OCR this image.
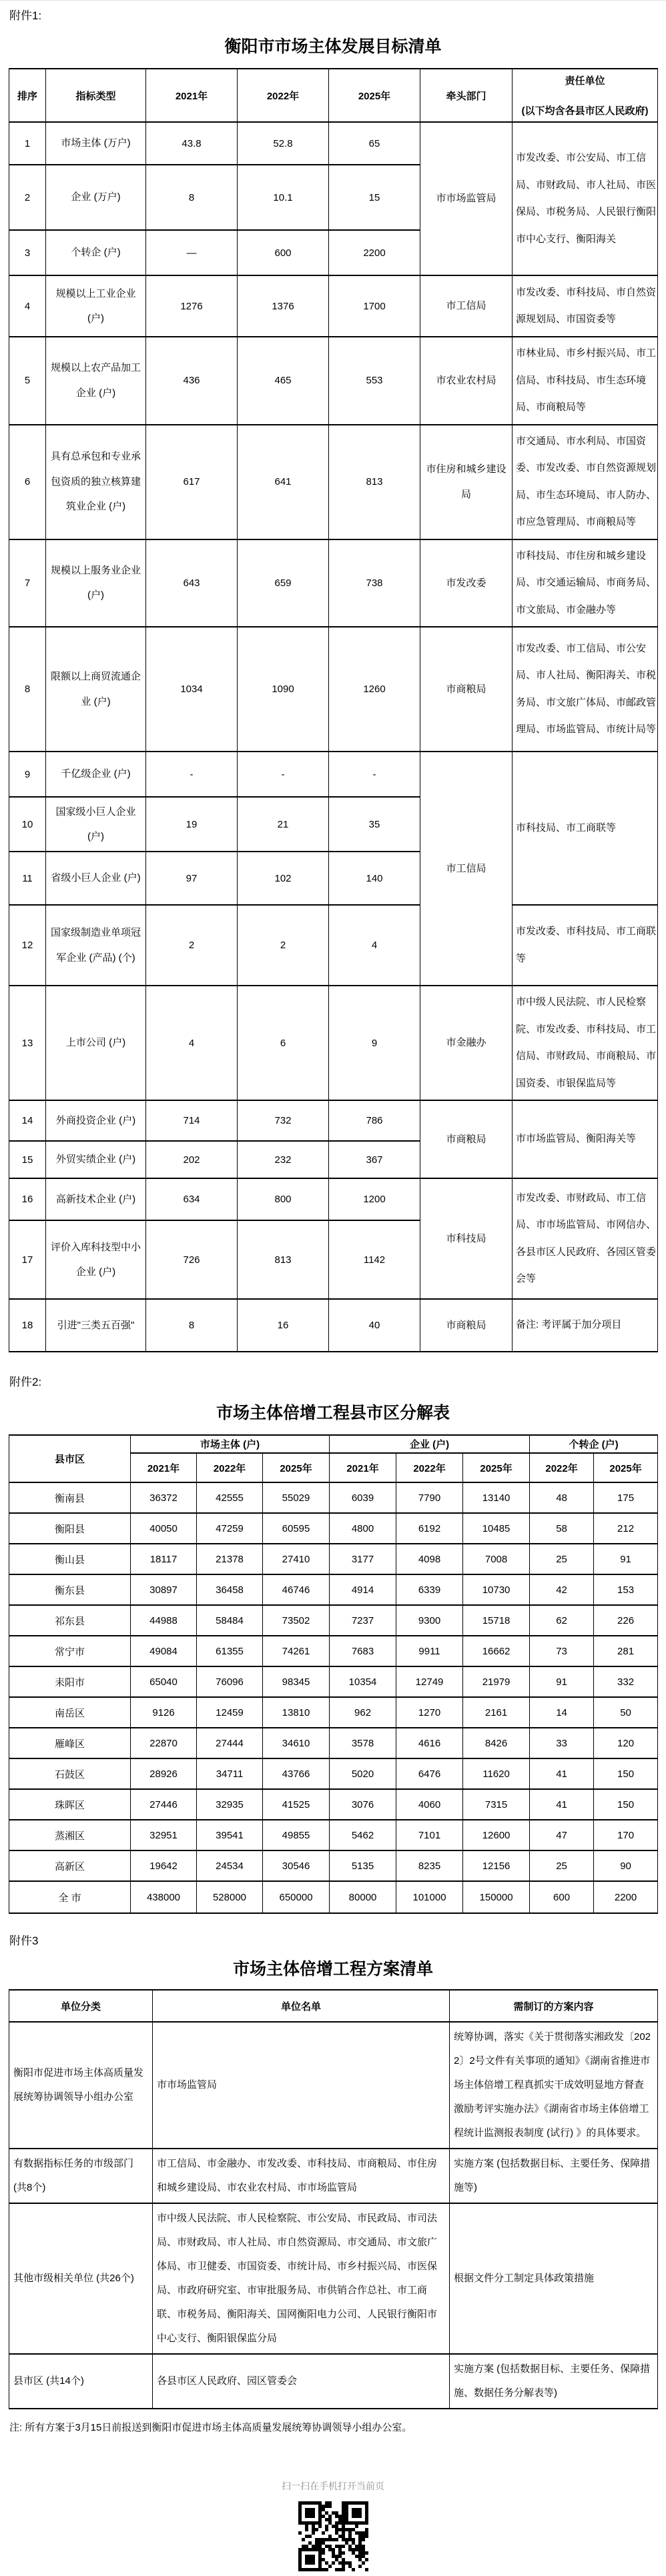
附件1:
衡阳市市场主体发展目标清单
排序	指标类型	2021年	2022年	2025年	牵头部门	责任单位
(以下均含各县市区人民政府)

1	市场主体 (万户)	43.8	52.8	65	市市场监管局	市发改委、市公安局、市工信局、市财政局、市人社局、市医保局、市税务局、人民银行衡阳市中心支行、衡阳海关
2	企业 (万户)	8	10.1	15		
3	个转企 (户)	—	600	2200		
4	规模以上工业企业 (户)	1276	1376	1700	市工信局	市发改委、市科技局、市自然资源规划局、市国资委等
5	规模以上农产品加工企业 (户)	436	465	553	市农业农村局	市林业局、市乡村振兴局、市工信局、市科技局、市生态环境局、市商粮局等
6	具有总承包和专业承包资质的独立核算建筑业企业 (户)	617	641	813	市住房和城乡建设局	市交通局、市水利局、市国资委、市发改委、市自然资源规划局、市生态环境局、市人防办、市应急管理局、市商粮局等
7	规模以上服务业企业 (户)	643	659	738	市发改委	市科技局、市住房和城乡建设局、市交通运输局、市商务局、市文旅局、市金融办等
8	限额以上商贸流通企业 (户)	1034	1090	1260	市商粮局	市发改委、市工信局、市公安局、市人社局、衡阳海关、市税务局、市文旅广体局、市邮政管理局、市场监管局、市统计局等
9	千亿级企业 (户)	-	-	-	市工信局	市科技局、市工商联等
10	国家级小巨人企业 (户)	19	21	35		
11	省级小巨人企业 (户)	97	102	140		
12	国家级制造业单项冠军企业 (产品) (个)	2	2	4		市发改委、市科技局、市工商联等
13	上市公司 (户)	4	6	9	市金融办	市中级人民法院、市人民检察院、市发改委、市科技局、市工信局、市财政局、市商粮局、市国资委、市银保监局等
14	外商投资企业 (户)	714	732	786	市商粮局	市市场监管局、衡阳海关等
15	外贸实绩企业 (户)	202	232	367		
16	高新技术企业 (户)	634	800	1200	市科技局	市发改委、市财政局、市工信局、市市场监管局、市网信办、各县市区人民政府、各园区管委会等
17	评价入库科技型中小企业 (户)	726	813	1142		
18	引进"三类五百强"	8	16	40	市商粮局	备注: 考评属于加分项目
附件2:
市场主体倍增工程县市区分解表
县市区	市场主体 (户)			企业 (户)			个转企 (户)	
	2021年	2022年	2025年	2021年	2022年	2025年	2022年	2025年
衡南县	36372	42555	55029	6039	7790	13140	48	175
衡阳县	40050	47259	60595	4800	6192	10485	58	212
衡山县	18117	21378	27410	3177	4098	7008	25	91
衡东县	30897	36458	46746	4914	6339	10730	42	153
祁东县	44988	58484	73502	7237	9300	15718	62	226
常宁市	49084	61355	74261	7683	9911	16662	73	281
耒阳市	65040	76096	98345	10354	12749	21979	91	332
南岳区	9126	12459	13810	962	1270	2161	14	50
雁峰区	22870	27444	34610	3578	4616	8426	33	120
石鼓区	28926	34711	43766	5020	6476	11620	41	150
珠晖区	27446	32935	41525	3076	4060	7315	41	150
蒸湘区	32951	39541	49855	5462	7101	12600	47	170
高新区	19642	24534	30546	5135	8235	12156	25	90
全 市	438000	528000	650000	80000	101000	150000	600	2200
附件3
市场主体倍增工程方案清单
单位分类	单位名单	需制订的方案内容
衡阳市促进市场主体高质量发展统筹协调领导小组办公室	市市场监管局	统筹协调，落实《关于贯彻落实湘政发〔2022〕2号文件有关事项的通知》《湖南省推进市场主体倍增工程真抓实干成效明显地方督查激励考评实施办法》《湖南省市场主体倍增工程统计监测报表制度 (试行) 》的具体要求。
有数据指标任务的市级部门 (共8个)	市工信局、市金融办、市发改委、市科技局、市商粮局、市住房和城乡建设局、市农业农村局、市市场监管局	实施方案 (包括数据目标、主要任务、保障措施等)
其他市级相关单位 (共26个)	市中级人民法院、市人民检察院、市公安局、市民政局、市司法局、市财政局、市人社局、市自然资源局、市交通局、市文旅广体局、市卫健委、市国资委、市统计局、市乡村振兴局、市医保局、市政府研究室、市审批服务局、市供销合作总社、市工商联、市税务局、衡阳海关、国网衡阳电力公司、人民银行衡阳市中心支行、衡阳银保监分局	根据文件分工制定具体政策措施
县市区 (共14个)	各县市区人民政府、园区管委会	实施方案 (包括数据目标、主要任务、保障措施、数据任务分解表等)
注: 所有方案于3月15日前报送到衡阳市促进市场主体高质量发展统筹协调领导小组办公室。
扫一扫在手机打开当前页
